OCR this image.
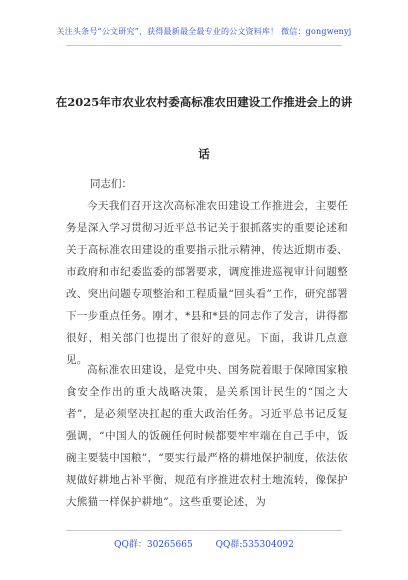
关注头条号“公文研究”，获得最新最全最专业的公文资料库！ 微信：gongwenyj
在2025年市农业农村委高标准农田建设工作推进会上的讲
话
同志们：

今天我们召开这次高标准农田建设工作推进会，主要任务是深入学习贯彻习近平总书记关于狠抓落实的重要论述和关于高标准农田建设的重要指示批示精神，传达近期市委、市政府和市纪委监委的部署要求，调度推进巡视审计问题整改、突出问题专项整治和工程质量“回头看”工作，研究部署下一步重点任务。刚才，*县和*县的同志作了发言，讲得都很好，相关部门也提出了很好的意见。下面，我讲几点意见。

高标准农田建设，是党中央、国务院着眼于保障国家粮食安全作出的重大战略决策，是关系国计民生的“国之大者”，是必须坚决扛起的重大政治任务。习近平总书记反复强调，“中国人的饭碗任何时候都要牢牢端在自己手中，饭碗主要装中国粮”，“要实行最严格的耕地保护制度，依法依规做好耕地占补平衡，规范有序推进农村土地流转，像保护大熊猫一样保护耕地”。这些重要论述，为

QQ群：30265665	QQ群:535304092
